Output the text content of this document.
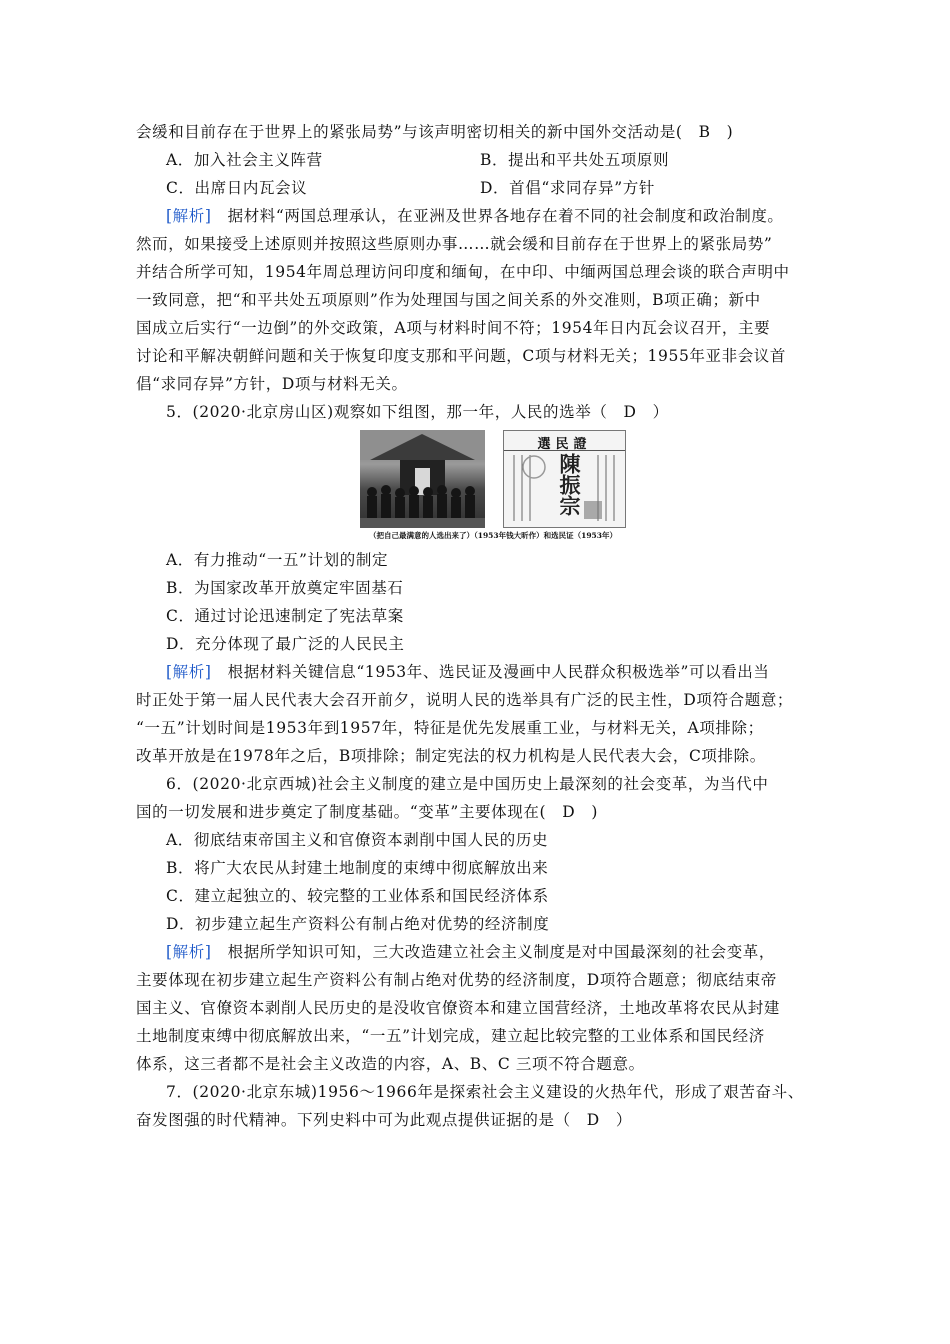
会缓和目前存在于世界上的紧张局势”与该声明密切相关的新中国外交活动是(　B　)
A．加入社会主义阵营	B．提出和平共处五项原则
C．出席日内瓦会议	D．首倡“求同存异”方针
[解析]　据材料“两国总理承认，在亚洲及世界各地存在着不同的社会制度和政治制度。
然而，如果接受上述原则并按照这些原则办事……就会缓和目前存在于世界上的紧张局势”
并结合所学可知，1954年周总理访问印度和缅甸，在中印、中缅两国总理会谈的联合声明中
一致同意，把“和平共处五项原则”作为处理国与国之间关系的外交准则，B项正确；新中
国成立后实行“一边倒”的外交政策，A项与材料时间不符；1954年日内瓦会议召开，主要
讨论和平解决朝鲜问题和关于恢复印度支那和平问题，C项与材料无关；1955年亚非会议首
倡“求同存异”方针，D项与材料无关。
5．(2020·北京房山区)观察如下组图，那一年，人民的选举（　D　）
選民證
陳振宗
（把自己最满意的人选出来了）（1953年钱大昕作）和选民证（1953年）
A．有力推动“一五”计划的制定
B．为国家改革开放奠定牢固基石
C．通过讨论迅速制定了宪法草案
D．充分体现了最广泛的人民民主
[解析]　根据材料关键信息“1953年、选民证及漫画中人民群众积极选举”可以看出当
时正处于第一届人民代表大会召开前夕，说明人民的选举具有广泛的民主性，D项符合题意；
“一五”计划时间是1953年到1957年，特征是优先发展重工业，与材料无关，A项排除；
改革开放是在1978年之后，B项排除；制定宪法的权力机构是人民代表大会，C项排除。
6．(2020·北京西城)社会主义制度的建立是中国历史上最深刻的社会变革，为当代中
国的一切发展和进步奠定了制度基础。“变革”主要体现在(　D　)
A．彻底结束帝国主义和官僚资本剥削中国人民的历史
B．将广大农民从封建土地制度的束缚中彻底解放出来
C．建立起独立的、较完整的工业体系和国民经济体系
D．初步建立起生产资料公有制占绝对优势的经济制度
[解析]　根据所学知识可知，三大改造建立社会主义制度是对中国最深刻的社会变革，
主要体现在初步建立起生产资料公有制占绝对优势的经济制度，D项符合题意；彻底结束帝
国主义、官僚资本剥削人民历史的是没收官僚资本和建立国营经济，土地改革将农民从封建
土地制度束缚中彻底解放出来，“一五”计划完成，建立起比较完整的工业体系和国民经济
体系，这三者都不是社会主义改造的内容，A、B、C 三项不符合题意。
7．(2020·北京东城)1956～1966年是探索社会主义建设的火热年代，形成了艰苦奋斗、
奋发图强的时代精神。下列史料中可为此观点提供证据的是（　D　）
